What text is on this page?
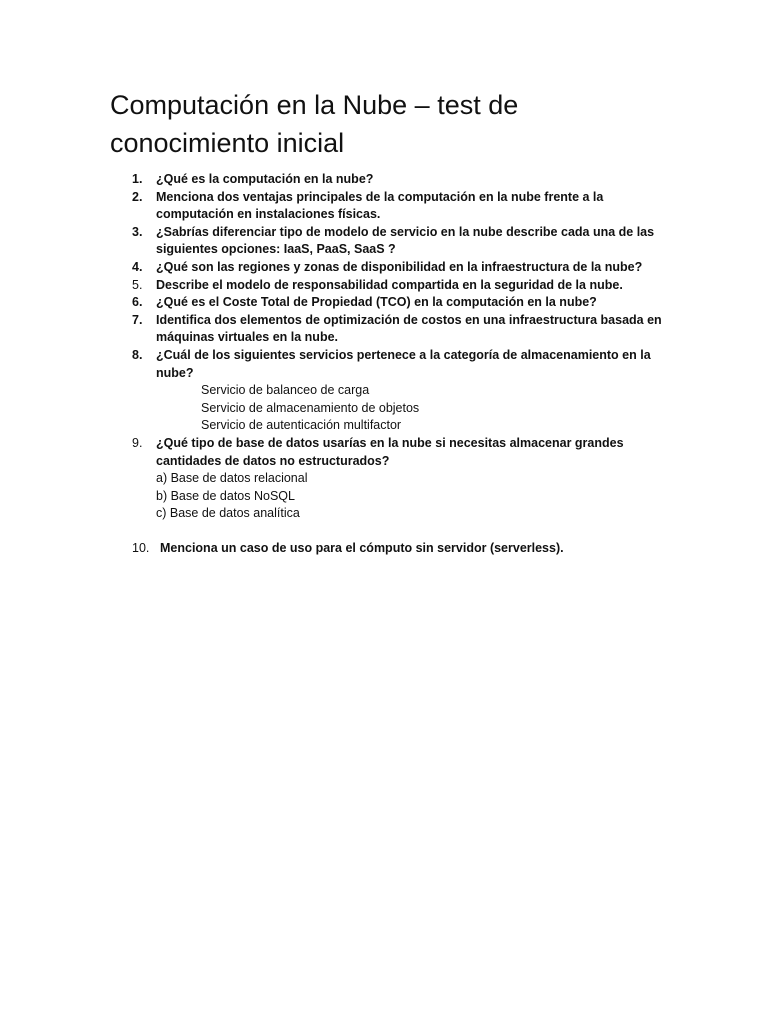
Computación en la Nube – test de conocimiento inicial
1. ¿Qué es la computación en la nube?
2. Menciona dos ventajas principales de la computación en la nube frente a la computación en instalaciones físicas.
3. ¿Sabrías diferenciar tipo de modelo de servicio en la nube describe cada una de las siguientes opciones: IaaS, PaaS, SaaS ?
4. ¿Qué son las regiones y zonas de disponibilidad en la infraestructura de la nube?
5. Describe el modelo de responsabilidad compartida en la seguridad de la nube.
6. ¿Qué es el Coste Total de Propiedad (TCO) en la computación en la nube?
7. Identifica dos elementos de optimización de costos en una infraestructura basada en máquinas virtuales en la nube.
8. ¿Cuál de los siguientes servicios pertenece a la categoría de almacenamiento en la nube?
Servicio de balanceo de carga
Servicio de almacenamiento de objetos
Servicio de autenticación multifactor
9. ¿Qué tipo de base de datos usarías en la nube si necesitas almacenar grandes cantidades de datos no estructurados?
a) Base de datos relacional
b) Base de datos NoSQL
c) Base de datos analítica
10. Menciona un caso de uso para el cómputo sin servidor (serverless).
